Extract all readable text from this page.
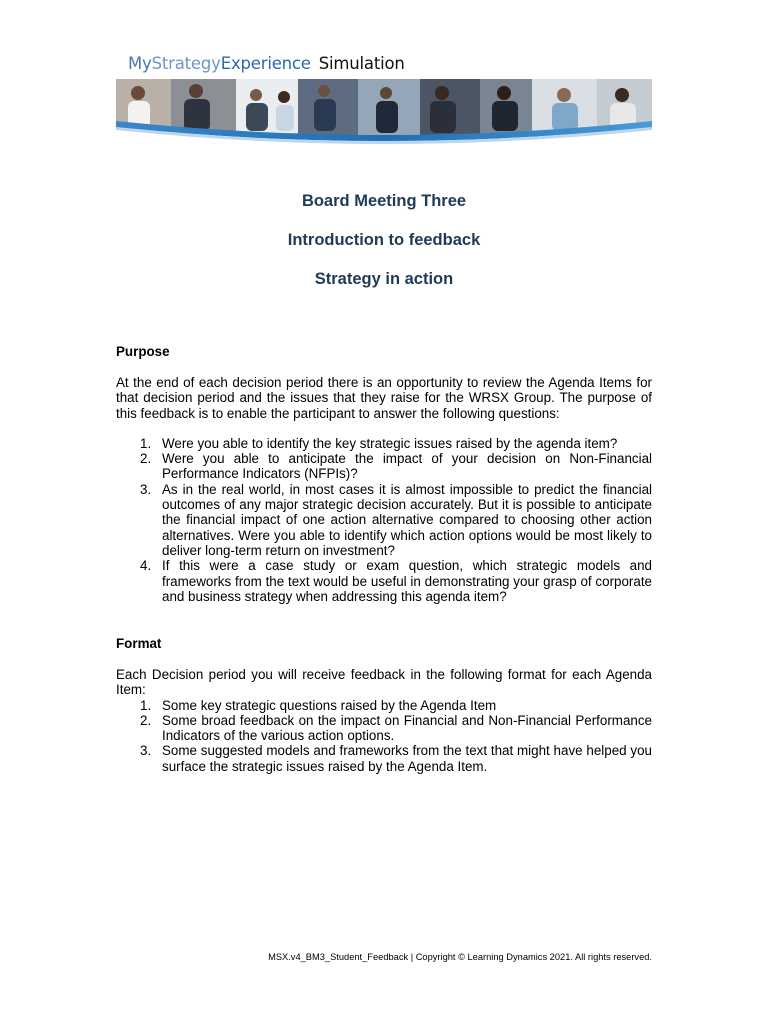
MyStrategyExperience Simulation
Board Meeting Three
Introduction to feedback
Strategy in action
Purpose
At the end of each decision period there is an opportunity to review the Agenda Items for that decision period and the issues that they raise for the WRSX Group. The purpose of this feedback is to enable the participant to answer the following questions:
1. Were you able to identify the key strategic issues raised by the agenda item?
2. Were you able to anticipate the impact of your decision on Non-Financial Performance Indicators (NFPIs)?
3. As in the real world, in most cases it is almost impossible to predict the financial outcomes of any major strategic decision accurately. But it is possible to anticipate the financial impact of one action alternative compared to choosing other action alternatives. Were you able to identify which action options would be most likely to deliver long-term return on investment?
4. If this were a case study or exam question, which strategic models and frameworks from the text would be useful in demonstrating your grasp of corporate and business strategy when addressing this agenda item?
Format
Each Decision period you will receive feedback in the following format for each Agenda Item:
1. Some key strategic questions raised by the Agenda Item
2. Some broad feedback on the impact on Financial and Non-Financial Performance Indicators of the various action options.
3. Some suggested models and frameworks from the text that might have helped you surface the strategic issues raised by the Agenda Item.
MSX.v4_BM3_Student_Feedback | Copyright © Learning Dynamics 2021. All rights reserved.
